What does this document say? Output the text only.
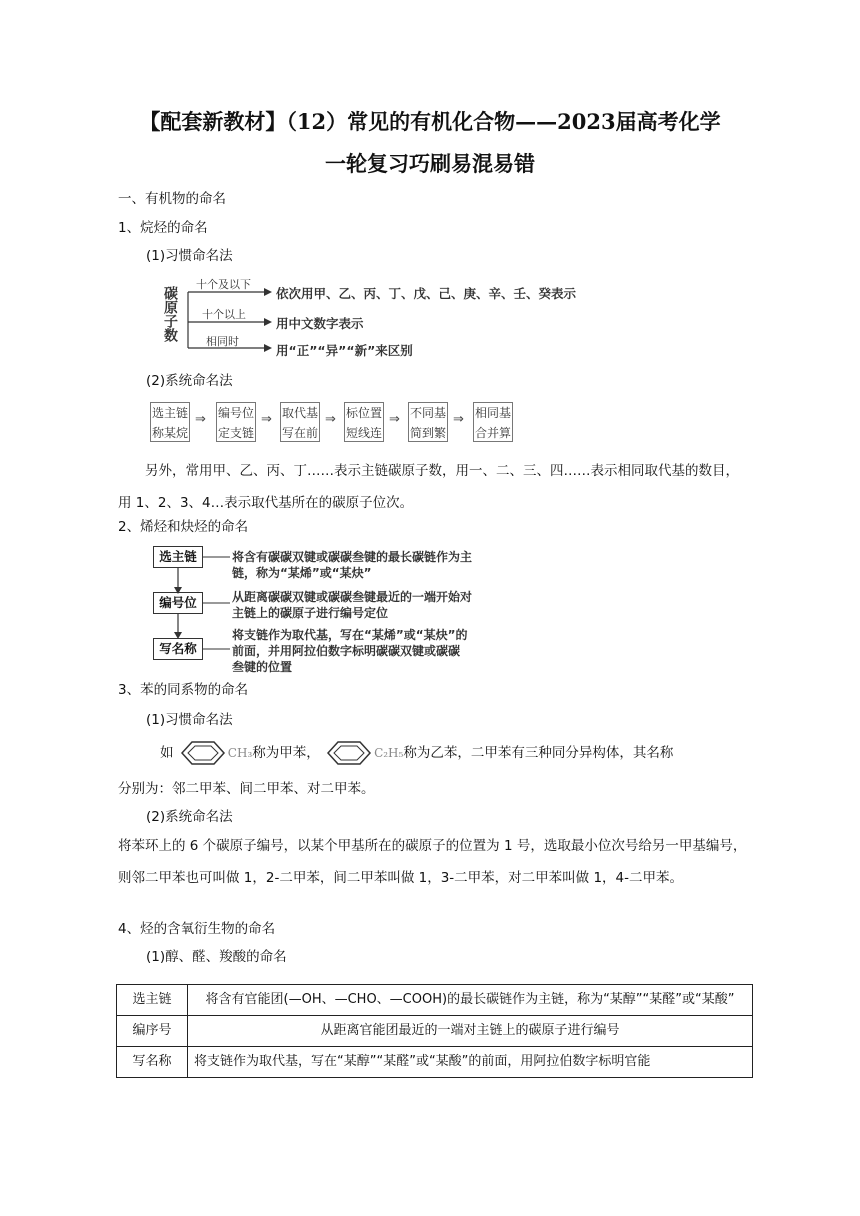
【配套新教材】（12）常见的有机化合物——2023届高考化学
一轮复习巧刷易混易错
一、有机物的命名
1、烷烃的命名
(1)习惯命名法
碳原子数
十个及以下
依次用甲、乙、丙、丁、戊、己、庚、辛、壬、癸表示
十个以上
用中文数字表示
相同时
用“正”“异”“新”来区别
(2)系统命名法
选主链
称某烷
⇒ 编号位
定支链
⇒ 取代基
写在前
⇒ 标位置
短线连
⇒ 不同基
简到繁
⇒ 相同基
合并算
另外，常用甲、乙、丙、丁……表示主链碳原子数，用一、二、三、四……表示相同取代基的数目，用 1、2、3、4…表示取代基所在的碳原子位次。
2、烯烃和炔烃的命名
选主链	将含有碳碳双键或碳碳叁键的最长碳链作为主链，称为“某烯”或“某炔”
编号位	从距离碳碳双键或碳碳叁键最近的一端开始对主链上的碳原子进行编号定位
写名称
将支链作为取代基，写在“某烯”或“某炔”的前面，并用阿拉伯数字标明碳碳双键或碳碳叁键的位置
3、苯的同系物的命名
(1)习惯命名法
如	CH₃称为甲苯，	C₂H₅称为乙苯，二甲苯有三种同分异构体，其名称
分别为：邻二甲苯、间二甲苯、对二甲苯。
(2)系统命名法
将苯环上的 6 个碳原子编号，以某个甲基所在的碳原子的位置为 1 号，选取最小位次号给另一甲基编号，则邻二甲苯也可叫做 1，2-二甲苯，间二甲苯叫做 1，3-二甲苯，对二甲苯叫做 1，4-二甲苯。
4、烃的含氧衍生物的命名
(1)醇、醛、羧酸的命名
选主链	将含有官能团(—OH、—CHO、—COOH)的最长碳链作为主链，称为“某醇”“某醛”或“某酸”
编序号	从距离官能团最近的一端对主链上的碳原子进行编号
写名称	将支链作为取代基，写在“某醇”“某醛”或“某酸”的前面，用阿拉伯数字标明官能
